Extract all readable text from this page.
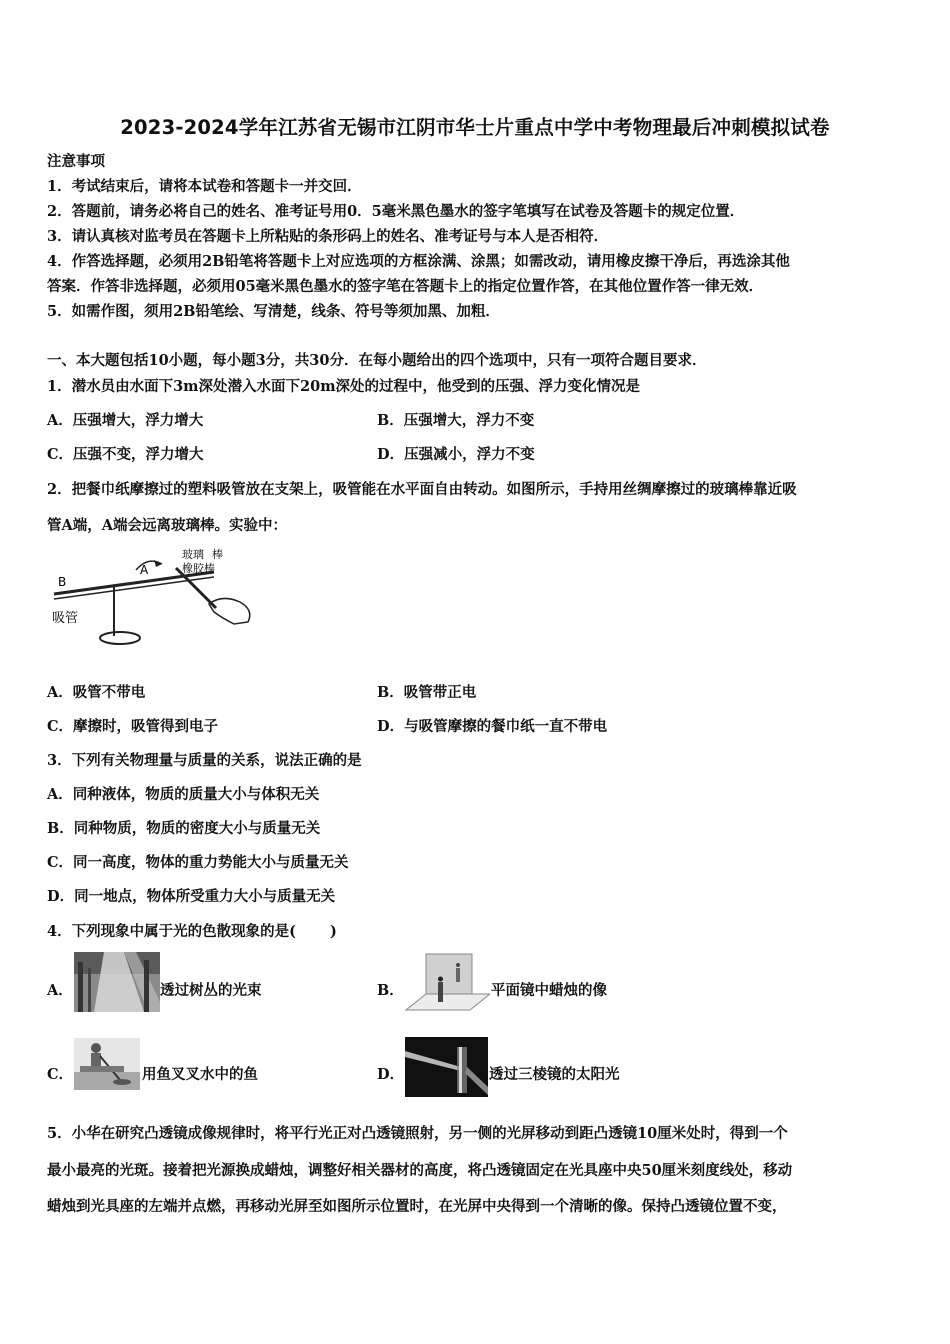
2023-2024学年江苏省无锡市江阴市华士片重点中学中考物理最后冲刺模拟试卷
注意事项
1．考试结束后，请将本试卷和答题卡一并交回．
2．答题前，请务必将自己的姓名、准考证号用0．5毫米黑色墨水的签字笔填写在试卷及答题卡的规定位置．
3．请认真核对监考员在答题卡上所粘贴的条形码上的姓名、准考证号与本人是否相符．
4．作答选择题，必须用2B铅笔将答题卡上对应选项的方框涂满、涂黑；如需改动，请用橡皮擦干净后，再选涂其他
答案．作答非选择题，必须用05毫米黑色墨水的签字笔在答题卡上的指定位置作答，在其他位置作答一律无效．
5．如需作图，须用2B铅笔绘、写清楚，线条、符号等须加黑、加粗．
一、本大题包括10小题，每小题3分，共30分．在每小题给出的四个选项中，只有一项符合题目要求．
1．潜水员由水面下3m深处潜入水面下20m深处的过程中，他受到的压强、浮力变化情况是
A．压强增大，浮力增大	B．压强增大，浮力不变
C．压强不变，浮力增大	D．压强减小，浮力不变
2．把餐巾纸摩擦过的塑料吸管放在支架上，吸管能在水平面自由转动。如图所示，手持用丝绸摩擦过的玻璃棒靠近吸
管A端，A端会远离玻璃棒。实验中：
B
A
吸管
玻璃 棒
橡胶棒
A．吸管不带电	B．吸管带正电
C．摩擦时，吸管得到电子	D．与吸管摩擦的餐巾纸一直不带电
3．下列有关物理量与质量的关系，说法正确的是
A．同种液体，物质的质量大小与体积无关
B．同种物质，物质的密度大小与质量无关
C．同一高度，物体的重力势能大小与质量无关
D．同一地点，物体所受重力大小与质量无关
4．下列现象中属于光的色散现象的是(　　 )
A．	透过树丛的光束	B．	平面镜中蜡烛的像
C．	用鱼叉叉水中的鱼	D．	透过三棱镜的太阳光
5．小华在研究凸透镜成像规律时，将平行光正对凸透镜照射，另一侧的光屏移动到距凸透镜10厘米处时，得到一个
最小最亮的光斑。接着把光源换成蜡烛，调整好相关器材的高度，将凸透镜固定在光具座中央50厘米刻度线处，移动
蜡烛到光具座的左端并点燃，再移动光屏至如图所示位置时，在光屏中央得到一个清晰的像。保持凸透镜位置不变，
